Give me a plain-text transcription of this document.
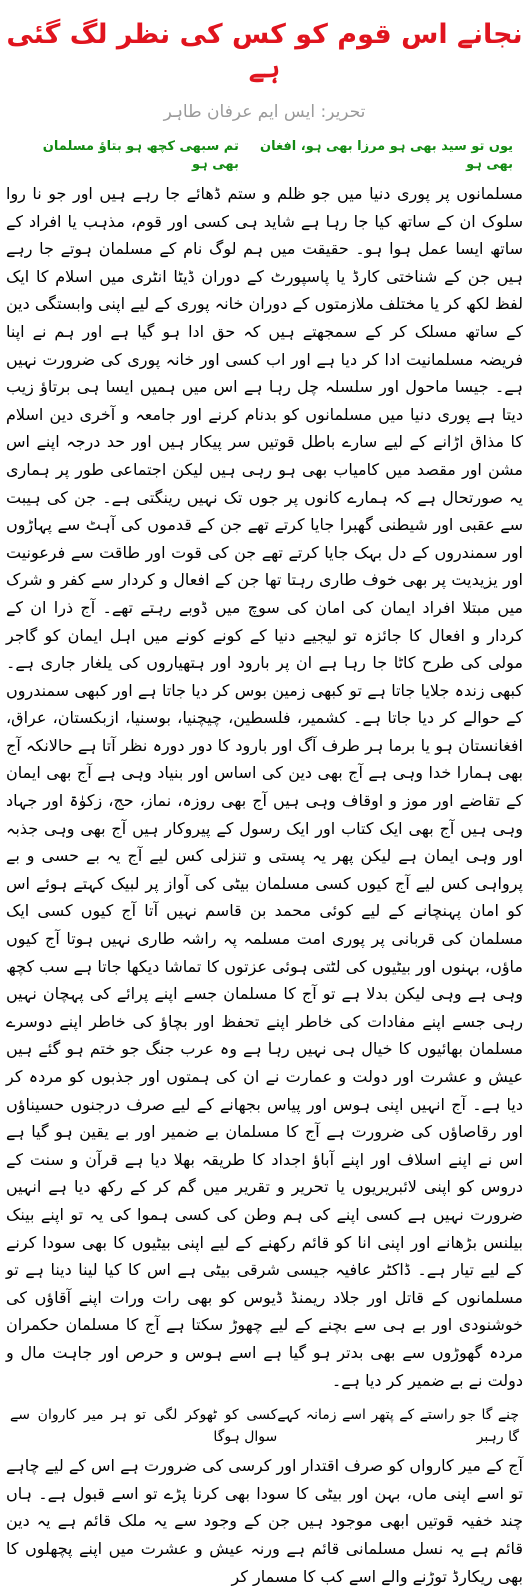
نجانے اس قوم کو کس کی نظر لگ گئی ہے
تحریر: ایس ایم عرفان طاہر
یوں تو سید بھی ہو مرزا بھی ہو، افغان بھی ہو
تم سبھی کچھ ہو بتاؤ مسلمان بھی ہو

مسلمانوں پر پوری دنیا میں جو ظلم و ستم ڈھائے جا رہے ہیں اور جو نا روا سلوک ان کے ساتھ کیا جا رہا ہے شاید ہی کسی اور قوم، مذہب یا افراد کے ساتھ ایسا عمل ہوا ہو۔ حقیقت میں ہم لوگ نام کے مسلمان ہوتے جا رہے ہیں جن کے شناختی کارڈ یا پاسپورٹ کے دوران ڈیٹا انٹری میں اسلام کا ایک لفظ لکھ کر یا مختلف ملازمتوں کے دوران خانہ پوری کے لیے اپنی وابستگی دین کے ساتھ مسلک کر کے سمجھتے ہیں کہ حق ادا ہو گیا ہے اور ہم نے اپنا فریضہ مسلمانیت ادا کر دیا ہے اور اب کسی اور خانہ پوری کی ضرورت نہیں ہے۔ جیسا ماحول اور سلسلہ چل رہا ہے اس میں ہمیں ایسا ہی برتاؤ زیب دیتا ہے پوری دنیا میں مسلمانوں کو بدنام کرنے اور جامعہ و آخری دین اسلام کا مذاق اڑانے کے لیے سارے باطل قوتیں سر پیکار ہیں اور حد درجہ اپنے اس مشن اور مقصد میں کامیاب بھی ہو رہی ہیں لیکن اجتماعی طور پر ہماری یہ صورتحال ہے کہ ہمارے کانوں پر جوں تک نہیں رینگتی ہے۔ جن کی ہیبت سے عقبی اور شیطنی گھبرا جایا کرتے تھے جن کے قدموں کی آہٹ سے پہاڑوں اور سمندروں کے دل بہک جایا کرتے تھے جن کی قوت اور طاقت سے فرعونیت اور یزیدیت پر بھی خوف طاری رہتا تھا جن کے افعال و کردار سے کفر و شرک میں مبتلا افراد ایمان کی امان کی سوچ میں ڈوبے رہتے تھے۔ آج ذرا ان کے کردار و افعال کا جائزہ تو لیجیے دنیا کے کونے کونے میں اہل ایمان کو گاجر مولی کی طرح کاٹا جا رہا ہے ان پر بارود اور ہتھیاروں کی یلغار جاری ہے۔ کبھی زندہ جلایا جاتا ہے تو کبھی زمین بوس کر دیا جاتا ہے اور کبھی سمندروں کے حوالے کر دیا جاتا ہے۔ کشمیر، فلسطین، چیچنیا، بوسنیا، ازبکستان، عراق، افغانستان ہو یا برما ہر طرف آگ اور بارود کا دور دورہ نظر آتا ہے حالانکہ آج بھی ہمارا خدا وہی ہے آج بھی دین کی اساس اور بنیاد وہی ہے آج بھی ایمان کے تقاضے اور موز و اوقاف وہی ہیں آج بھی روزہ، نماز، حج، زکوٰۃ اور جہاد وہی ہیں آج بھی ایک کتاب اور ایک رسول کے پیروکار ہیں آج بھی وہی جذبہ اور وہی ایمان ہے لیکن پھر یہ پستی و تنزلی کس لیے آج یہ بے حسی و بے پرواہی کس لیے آج کیوں کسی مسلمان بیٹی کی آواز پر لبیک کہتے ہوئے اس کو امان پہنچانے کے لیے کوئی محمد بن قاسم نہیں آتا آج کیوں کسی ایک مسلمان کی قربانی پر پوری امت مسلمہ پہ راشہ طاری نہیں ہوتا آج کیوں ماؤں، بہنوں اور بیٹیوں کی لٹتی ہوئی عزتوں کا تماشا دیکھا جاتا ہے سب کچھ وہی ہے وہی لیکن بدلا ہے تو آج کا مسلمان جسے اپنے پرائے کی پہچان نہیں رہی جسے اپنے مفادات کی خاطر اپنے تحفظ اور بچاؤ کی خاطر اپنے دوسرے مسلمان بھائیوں کا خیال ہی نہیں رہا ہے وہ عرب جنگ جو ختم ہو گئے ہیں عیش و عشرت اور دولت و عمارت نے ان کی ہمتوں اور جذبوں کو مردہ کر دیا ہے۔ آج انہیں اپنی ہوس اور پیاس بجھانے کے لیے صرف درجنوں حسیناؤں اور رقاصاؤں کی ضرورت ہے آج کا مسلمان بے ضمیر اور بے یقین ہو گیا ہے اس نے اپنے اسلاف اور اپنے آباؤ اجداد کا طریقہ بھلا دیا ہے قرآن و سنت کے دروس کو اپنی لائبریریوں یا تحریر و تقریر میں گم کر کے رکھ دیا ہے انہیں ضرورت نہیں ہے کسی اپنے کی ہم وطن کی کسی ہموا کی یہ تو اپنے بینک بیلنس بڑھانے اور اپنی انا کو قائم رکھنے کے لیے اپنی بیٹیوں کا بھی سودا کرنے کے لیے تیار ہے۔ ڈاکٹر عافیہ جیسی شرقی بیٹی ہے اس کا کیا لینا دینا ہے تو مسلمانوں کے قاتل اور جلاد ریمنڈ ڈیوس کو بھی رات ورات اپنے آقاؤں کی خوشنودی اور بے ہی سے بچنے کے لیے چھوڑ سکتا ہے آج کا مسلمان حکمران مردہ گھوڑوں سے بھی بدتر ہو گیا ہے اسے ہوس و حرص اور جاہت مال و دولت نے بے ضمیر کر دیا ہے۔

چنے گا جو راستے کے پتھر اسے زمانہ کہے گا رہبر
کسی کو ٹھوکر لگی تو ہر میر کاروان سے سوال ہوگا

آج کے میر کارواں کو صرف اقتدار اور کرسی کی ضرورت ہے اس کے لیے چاہے تو اسے اپنی ماں، بہن اور بیٹی کا سودا بھی کرنا پڑے تو اسے قبول ہے۔ ہاں چند خفیہ قوتیں ابھی موجود ہیں جن کے وجود سے یہ ملک قائم ہے یہ دین قائم ہے یہ نسل مسلمانی قائم ہے ورنہ عیش و عشرت میں اپنے پچھلوں کا بھی ریکارڈ توڑنے والے اسے کب کا مسمار کر
